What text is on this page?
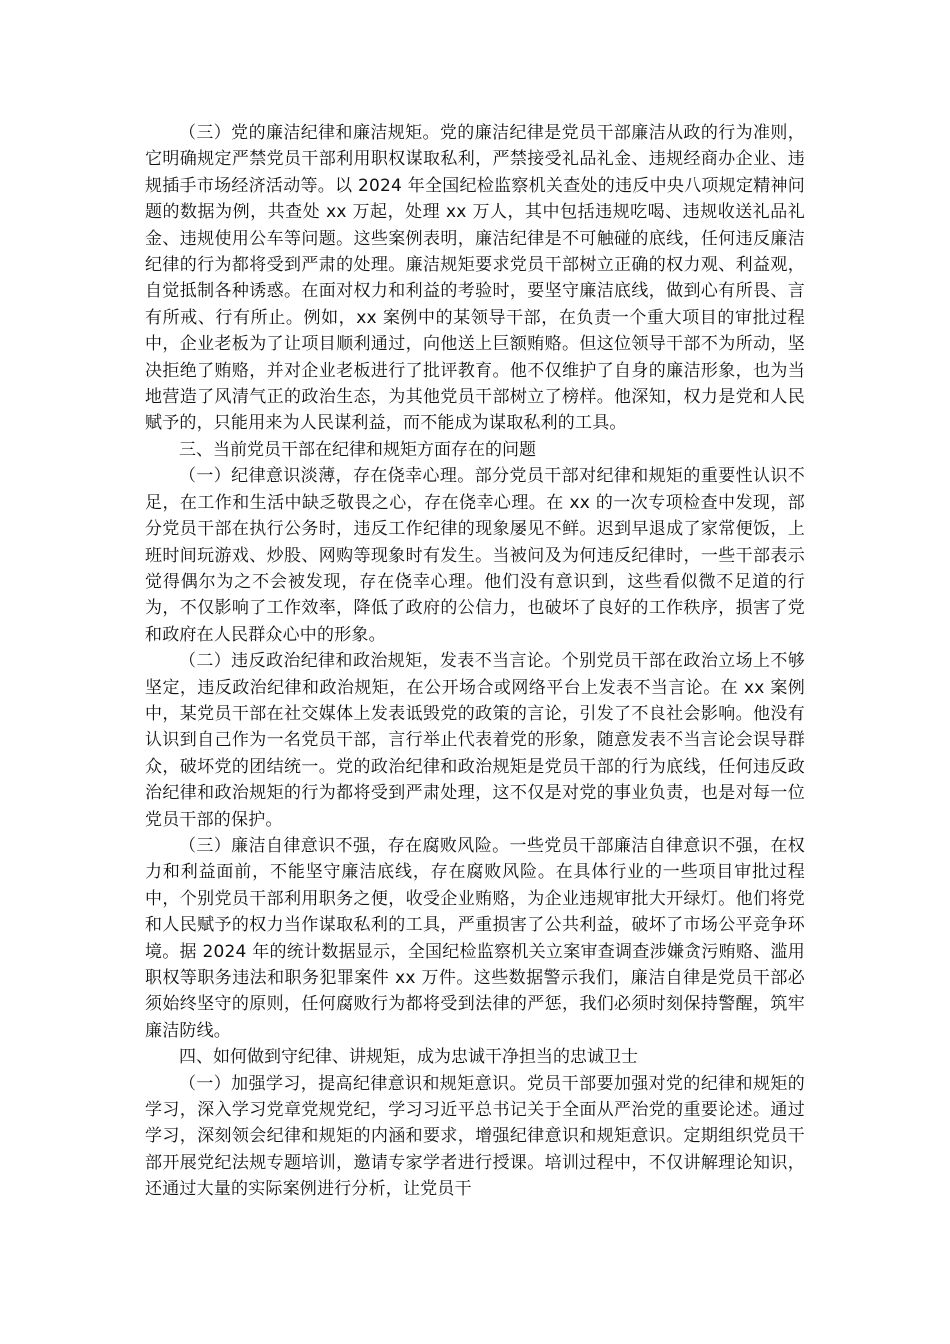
（三）党的廉洁纪律和廉洁规矩。党的廉洁纪律是党员干部廉洁从政的行为准则，它明确规定严禁党员干部利用职权谋取私利，严禁接受礼品礼金、违规经商办企业、违规插手市场经济活动等。以 2024 年全国纪检监察机关查处的违反中央八项规定精神问题的数据为例，共查处 xx 万起，处理 xx 万人，其中包括违规吃喝、违规收送礼品礼金、违规使用公车等问题。这些案例表明，廉洁纪律是不可触碰的底线，任何违反廉洁纪律的行为都将受到严肃的处理。廉洁规矩要求党员干部树立正确的权力观、利益观，自觉抵制各种诱惑。在面对权力和利益的考验时，要坚守廉洁底线，做到心有所畏、言有所戒、行有所止。例如，xx 案例中的某领导干部，在负责一个重大项目的审批过程中，企业老板为了让项目顺利通过，向他送上巨额贿赂。但这位领导干部不为所动，坚决拒绝了贿赂，并对企业老板进行了批评教育。他不仅维护了自身的廉洁形象，也为当地营造了风清气正的政治生态，为其他党员干部树立了榜样。他深知，权力是党和人民赋予的，只能用来为人民谋利益，而不能成为谋取私利的工具。

三、当前党员干部在纪律和规矩方面存在的问题

（一）纪律意识淡薄，存在侥幸心理。部分党员干部对纪律和规矩的重要性认识不足，在工作和生活中缺乏敬畏之心，存在侥幸心理。在 xx 的一次专项检查中发现，部分党员干部在执行公务时，违反工作纪律的现象屡见不鲜。迟到早退成了家常便饭，上班时间玩游戏、炒股、网购等现象时有发生。当被问及为何违反纪律时，一些干部表示觉得偶尔为之不会被发现，存在侥幸心理。他们没有意识到，这些看似微不足道的行为，不仅影响了工作效率，降低了政府的公信力，也破坏了良好的工作秩序，损害了党和政府在人民群众心中的形象。

（二）违反政治纪律和政治规矩，发表不当言论。个别党员干部在政治立场上不够坚定，违反政治纪律和政治规矩，在公开场合或网络平台上发表不当言论。在 xx 案例中，某党员干部在社交媒体上发表诋毁党的政策的言论，引发了不良社会影响。他没有认识到自己作为一名党员干部，言行举止代表着党的形象，随意发表不当言论会误导群众，破坏党的团结统一。党的政治纪律和政治规矩是党员干部的行为底线，任何违反政治纪律和政治规矩的行为都将受到严肃处理，这不仅是对党的事业负责，也是对每一位党员干部的保护。

（三）廉洁自律意识不强，存在腐败风险。一些党员干部廉洁自律意识不强，在权力和利益面前，不能坚守廉洁底线，存在腐败风险。在具体行业的一些项目审批过程中，个别党员干部利用职务之便，收受企业贿赂，为企业违规审批大开绿灯。他们将党和人民赋予的权力当作谋取私利的工具，严重损害了公共利益，破坏了市场公平竞争环境。据 2024 年的统计数据显示，全国纪检监察机关立案审查调查涉嫌贪污贿赂、滥用职权等职务违法和职务犯罪案件 xx 万件。这些数据警示我们，廉洁自律是党员干部必须始终坚守的原则，任何腐败行为都将受到法律的严惩，我们必须时刻保持警醒，筑牢廉洁防线。

四、如何做到守纪律、讲规矩，成为忠诚干净担当的忠诚卫士

（一）加强学习，提高纪律意识和规矩意识。党员干部要加强对党的纪律和规矩的学习，深入学习党章党规党纪，学习习近平总书记关于全面从严治党的重要论述。通过学习，深刻领会纪律和规矩的内涵和要求，增强纪律意识和规矩意识。定期组织党员干部开展党纪法规专题培训，邀请专家学者进行授课。培训过程中，不仅讲解理论知识，还通过大量的实际案例进行分析，让党员干
